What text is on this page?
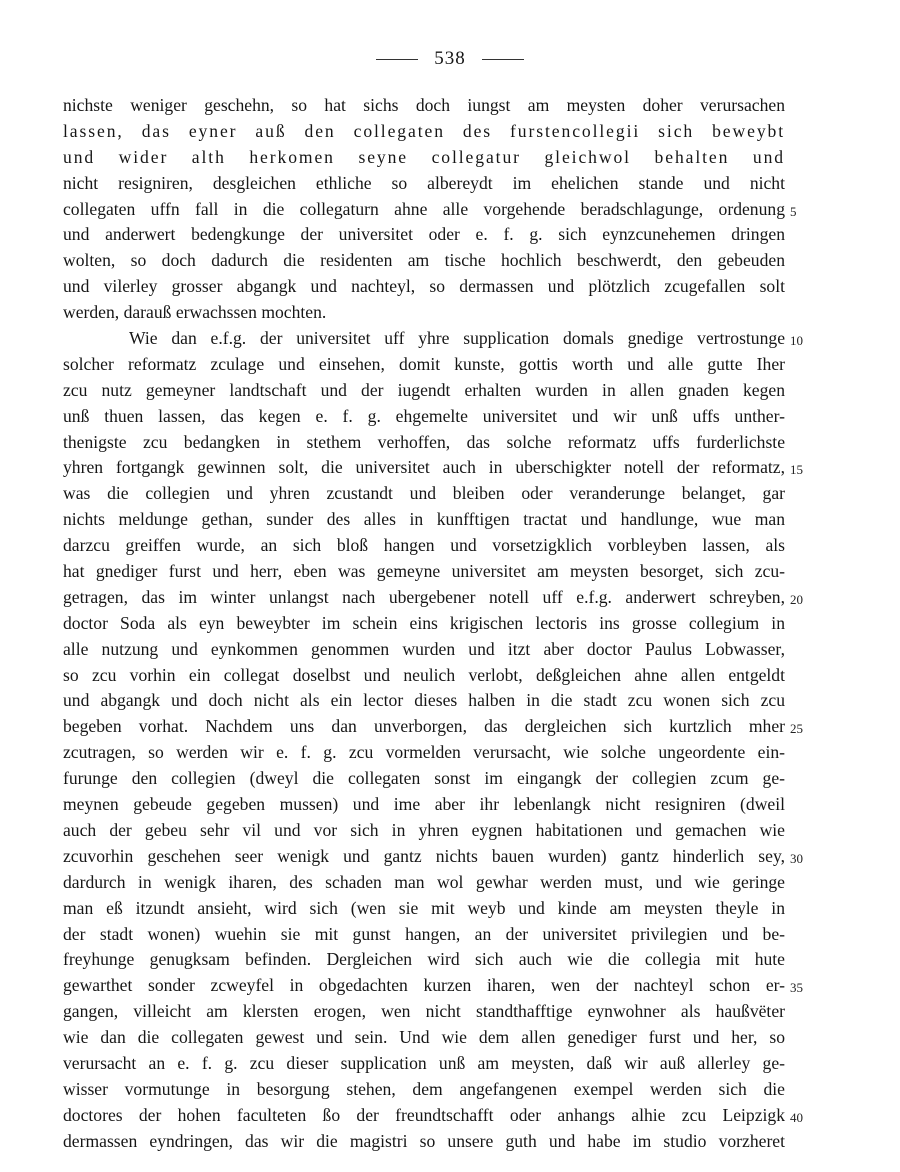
538
nichste weniger geschehn, so hat sichs doch iungst am meysten doher verursachen
lassen, das eyner auß den collegaten des furstencollegii sich beweybt
und wider alth herkomen seyne collegatur gleichwol behalten und
nicht resigniren, desgleichen ethliche so albereydt im ehelichen stande und nicht
collegaten uffn fall in die collegaturn ahne alle vorgehende beradschlagunge, ordenung 5
und anderwert bedengkunge der universitet oder e. f. g. sich eynzcunehemen dringen
wolten, so doch dadurch die residenten am tische hochlich beschwerdt, den gebeuden
und vilerley grosser abgangk und nachteyl, so dermassen und plötzlich zcugefallen solt
werden, darauß erwachssen mochten.
Wie dan e.f.g. der universitet uff yhre supplication domals gnedige vertrostunge 10
solcher reformatz zculage und einsehen, domit kunste, gottis worth und alle gutte Iher
zcu nutz gemeyner landtschaft und der iugendt erhalten wurden in allen gnaden kegen
unß thuen lassen, das kegen e. f. g. ehgemelte universitet und wir unß uffs unther-
thenigste zcu bedangken in stethem verhoffen, das solche reformatz uffs furderlichste
yhren fortgangk gewinnen solt, die universitet auch in uberschigkter notell der reformatz, 15
was die collegien und yhren zcustandt und bleiben oder veranderunge belanget, gar
nichts meldunge gethan, sunder des alles in kunfftigen tractat und handlunge, wue man
darzcu greiffen wurde, an sich bloß hangen und vorsetzigklich vorbleyben lassen, als
hat gnediger furst und herr, eben was gemeyne universitet am meysten besorget, sich zcu-
getragen, das im winter unlangst nach ubergebener notell uff e.f.g. anderwert schreyben, 20
doctor Soda als eyn beweybter im schein eins krigischen lectoris ins grosse collegium in
alle nutzung und eynkommen genommen wurden und itzt aber doctor Paulus Lobwasser,
so zcu vorhin ein collegat doselbst und neulich verlobt, deßgleichen ahne allen entgeldt
und abgangk und doch nicht als ein lector dieses halben in die stadt zcu wonen sich zcu
begeben vorhat. Nachdem uns dan unverborgen, das dergleichen sich kurtzlich mher 25
zcutragen, so werden wir e. f. g. zcu vormelden verursacht, wie solche ungeordente ein-
furunge den collegien (dweyl die collegaten sonst im eingangk der collegien zcum ge-
meynen gebeude gegeben mussen) und ime aber ihr lebenlangk nicht resigniren (dweil
auch der gebeu sehr vil und vor sich in yhren eygnen habitationen und gemachen wie
zcuvorhin geschehen seer wenigk und gantz nichts bauen wurden) gantz hinderlich sey, 30
dardurch in wenigk iharen, des schaden man wol gewhar werden must, und wie geringe
man eß itzundt ansieht, wird sich (wen sie mit weyb und kinde am meysten theyle in
der stadt wonen) wuehin sie mit gunst hangen, an der universitet privilegien und be-
freyhunge genugksam befinden. Dergleichen wird sich auch wie die collegia mit hute
gewarthet sonder zcweyfel in obgedachten kurzen iharen, wen der nachteyl schon er- 35
gangen, villeicht am klersten erogen, wen nicht standthafftige eynwohner als haußvëter
wie dan die collegaten gewest und sein. Und wie dem allen genediger furst und her, so
verursacht an e. f. g. zcu dieser supplication unß am meysten, daß wir auß allerley ge-
wisser vormutunge in besorgung stehen, dem angefangenen exempel werden sich die
doctores der hohen faculteten ßo der freundtschafft oder anhangs alhie zcu Leipzigk 40
dermassen eyndringen, das wir die magistri so unsere guth und habe im studio vorzheret
